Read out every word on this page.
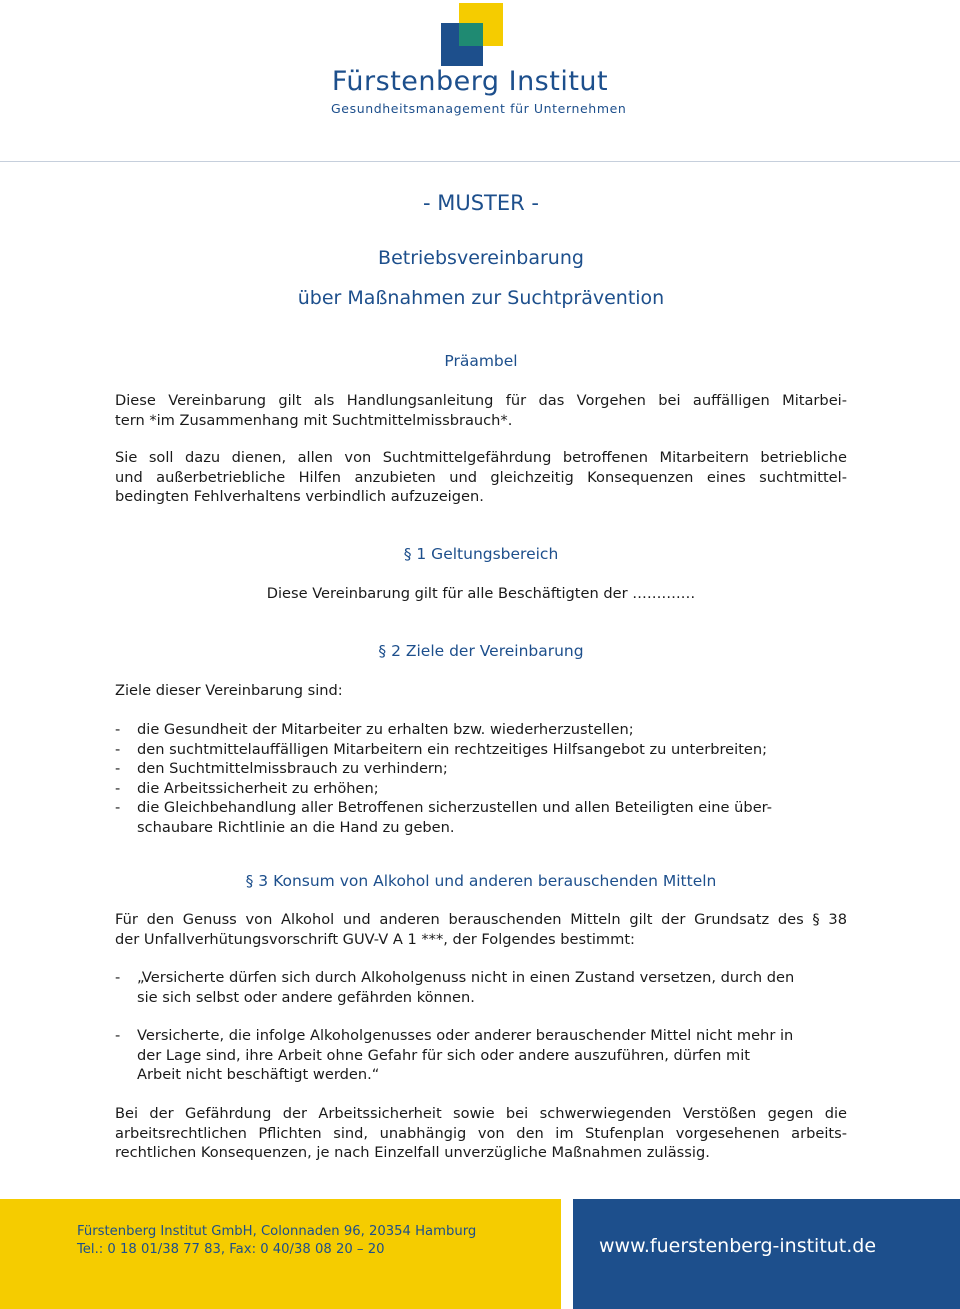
Fürstenberg Institut
Gesundheitsmanagement für Unternehmen
- MUSTER -
Betriebsvereinbarung
über Maßnahmen zur Suchtprävention
Präambel
Diese Vereinbarung gilt als Handlungsanleitung für das Vorgehen bei auffälligen Mitarbei-
tern *im Zusammenhang mit Suchtmittelmissbrauch*.
Sie soll dazu dienen, allen von Suchtmittelgefährdung betroffenen Mitarbeitern betriebliche
und außerbetriebliche Hilfen anzubieten und gleichzeitig Konsequenzen eines suchtmittel-
bedingten Fehlverhaltens verbindlich aufzuzeigen.
§ 1 Geltungsbereich
Diese Vereinbarung gilt für alle Beschäftigten der ……….…
§ 2 Ziele der Vereinbarung
Ziele dieser Vereinbarung sind:
- die Gesundheit der Mitarbeiter zu erhalten bzw. wiederherzustellen;
- den suchtmittelauffälligen Mitarbeitern ein rechtzeitiges Hilfsangebot zu unterbreiten;
- den Suchtmittelmissbrauch zu verhindern;
- die Arbeitssicherheit zu erhöhen;
- die Gleichbehandlung aller Betroffenen sicherzustellen und allen Beteiligten eine über-
schaubare Richtlinie an die Hand zu geben.
§ 3 Konsum von Alkohol und anderen berauschenden Mitteln
Für den Genuss von Alkohol und anderen berauschenden Mitteln gilt der Grundsatz des § 38
der Unfallverhütungsvorschrift GUV-V A 1 ***, der Folgendes bestimmt:
- „Versicherte dürfen sich durch Alkoholgenuss nicht in einen Zustand versetzen, durch den
sie sich selbst oder andere gefährden können.
- Versicherte, die infolge Alkoholgenusses oder anderer berauschender Mittel nicht mehr in
der Lage sind, ihre Arbeit ohne Gefahr für sich oder andere auszuführen, dürfen mit
Arbeit nicht beschäftigt werden.“
Bei der Gefährdung der Arbeitssicherheit sowie bei schwerwiegenden Verstößen gegen die
arbeitsrechtlichen Pflichten sind, unabhängig von den im Stufenplan vorgesehenen arbeits-
rechtlichen Konsequenzen, je nach Einzelfall unverzügliche Maßnahmen zulässig.
Fürstenberg Institut GmbH, Colonnaden 96, 20354 Hamburg
Tel.: 0 18 01/38 77 83, Fax: 0 40/38 08 20 – 20	www.fuerstenberg-institut.de
